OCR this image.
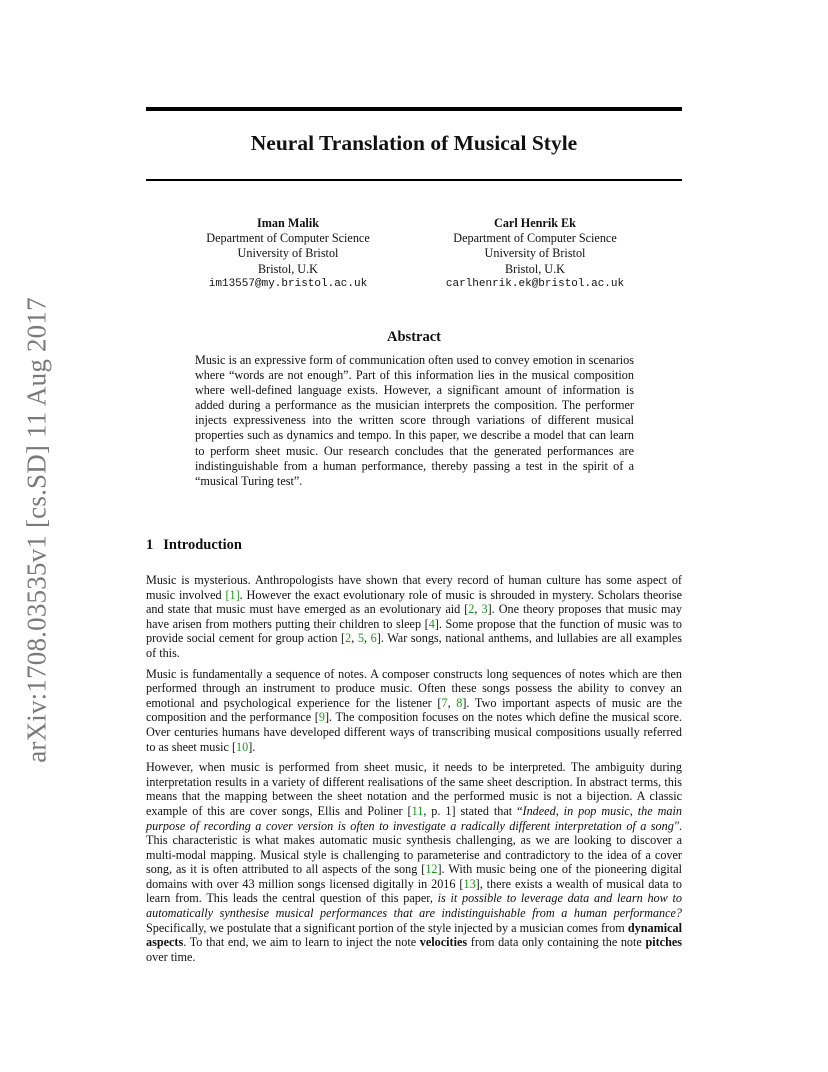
arXiv:1708.03535v1 [cs.SD] 11 Aug 2017
Neural Translation of Musical Style
Iman Malik
Department of Computer Science
University of Bristol
Bristol, U.K
im13557@my.bristol.ac.uk
Carl Henrik Ek
Department of Computer Science
University of Bristol
Bristol, U.K
carlhenrik.ek@bristol.ac.uk
Abstract

Music is an expressive form of communication often used to convey emotion in scenarios where “words are not enough”. Part of this information lies in the musical composition where well-defined language exists. However, a significant amount of information is added during a performance as the musician interprets the composition. The performer injects expressiveness into the written score through variations of different musical properties such as dynamics and tempo. In this paper, we describe a model that can learn to perform sheet music. Our research concludes that the generated performances are indistinguishable from a human performance, thereby passing a test in the spirit of a “musical Turing test”.

1 Introduction

Music is mysterious. Anthropologists have shown that every record of human culture has some aspect of music involved [1]. However the exact evolutionary role of music is shrouded in mystery. Scholars theorise and state that music must have emerged as an evolutionary aid [2, 3]. One theory proposes that music may have arisen from mothers putting their children to sleep [4]. Some propose that the function of music was to provide social cement for group action [2, 5, 6]. War songs, national anthems, and lullabies are all examples of this.

Music is fundamentally a sequence of notes. A composer constructs long sequences of notes which are then performed through an instrument to produce music. Often these songs possess the ability to convey an emotional and psychological experience for the listener [7, 8]. Two important aspects of music are the composition and the performance [9]. The composition focuses on the notes which define the musical score. Over centuries humans have developed different ways of transcribing musical compositions usually referred to as sheet music [10].

However, when music is performed from sheet music, it needs to be interpreted. The ambiguity during interpretation results in a variety of different realisations of the same sheet description. In abstract terms, this means that the mapping between the sheet notation and the performed music is not a bijection. A classic example of this are cover songs, Ellis and Poliner [11, p. 1] stated that “Indeed, in pop music, the main purpose of recording a cover version is often to investigate a radically different interpretation of a song". This characteristic is what makes automatic music synthesis challenging, as we are looking to discover a multi-modal mapping. Musical style is challenging to parameterise and contradictory to the idea of a cover song, as it is often attributed to all aspects of the song [12]. With music being one of the pioneering digital domains with over 43 million songs licensed digitally in 2016 [13], there exists a wealth of musical data to learn from. This leads the central question of this paper, is it possible to leverage data and learn how to automatically synthesise musical performances that are indistinguishable from a human performance? Specifically, we postulate that a significant portion of the style injected by a musician comes from dynamical aspects. To that end, we aim to learn to inject the note velocities from data only containing the note pitches over time.
